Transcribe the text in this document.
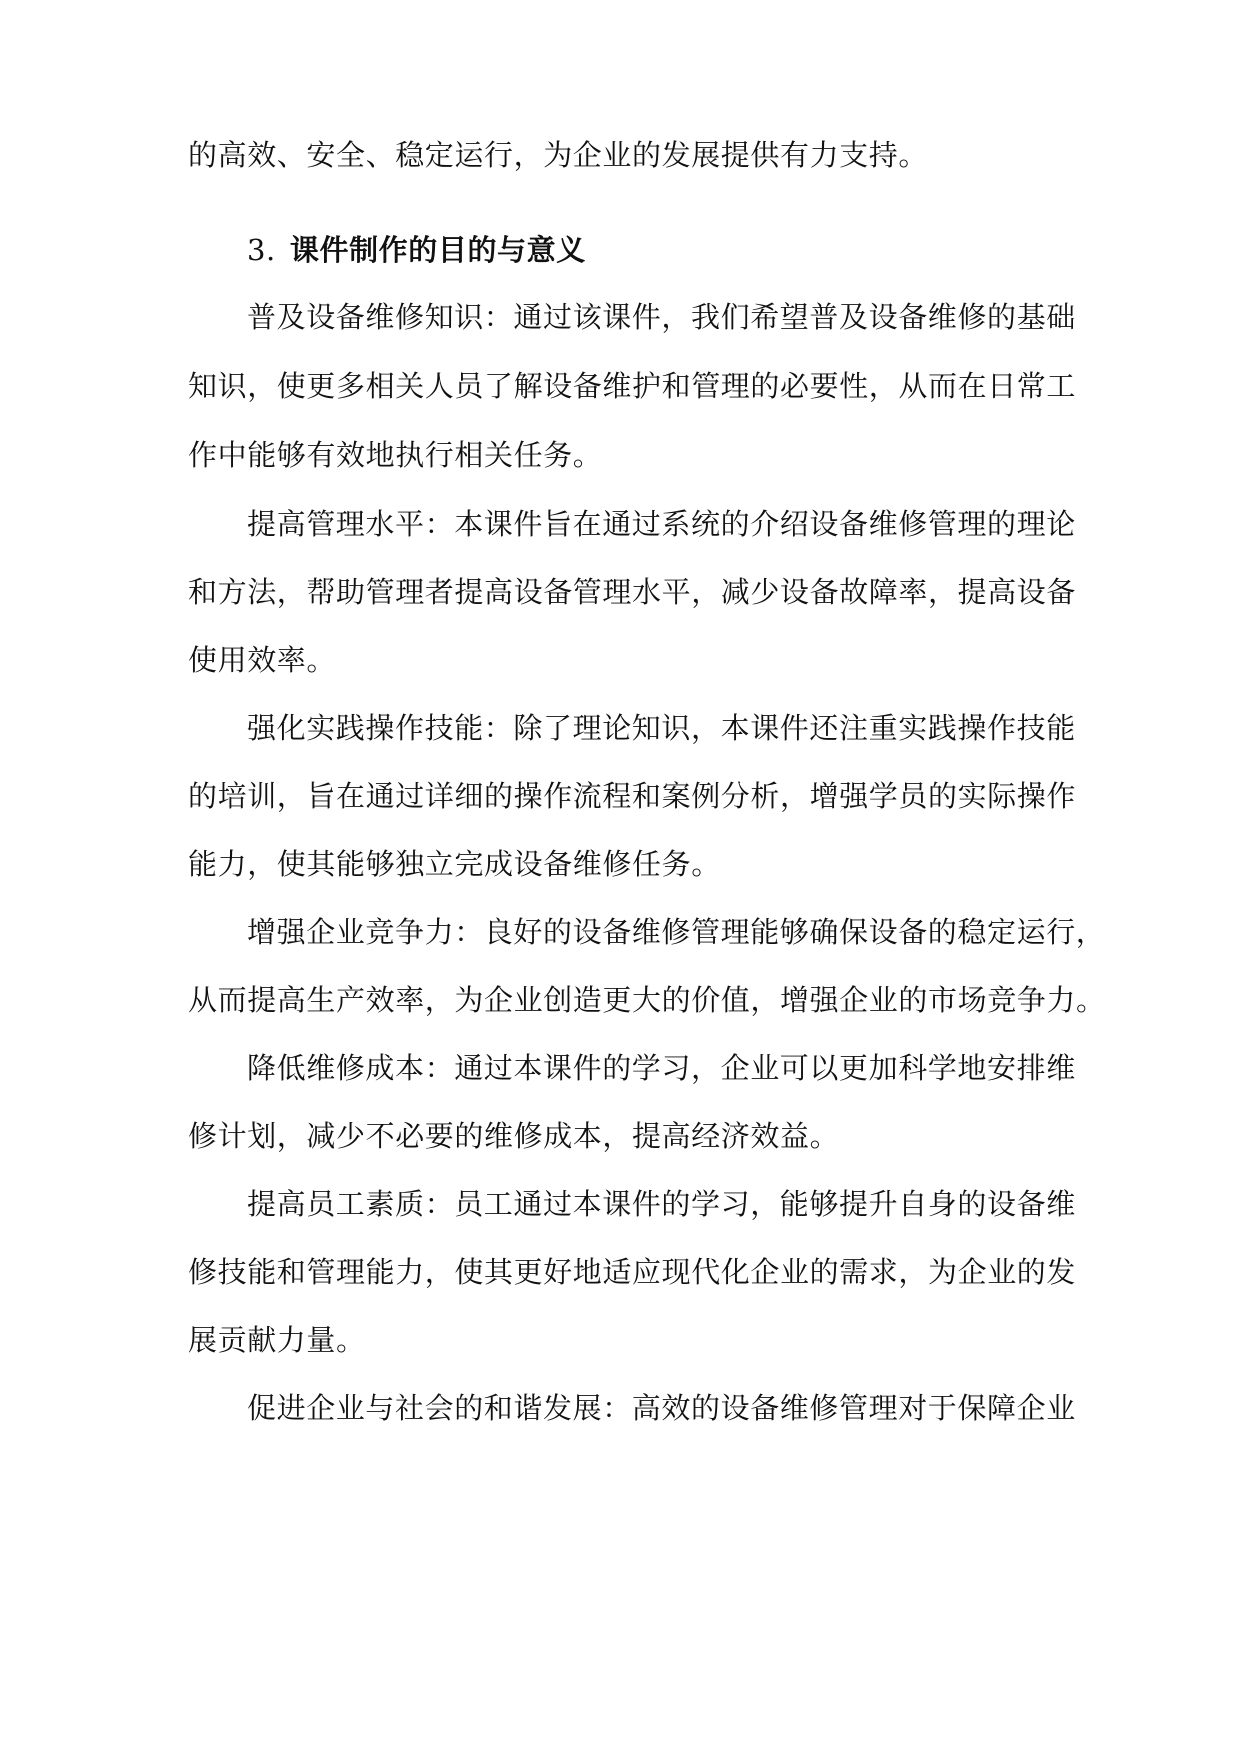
的高效、安全、稳定运行，为企业的发展提供有力支持。
3. 课件制作的目的与意义
普及设备维修知识：通过该课件，我们希望普及设备维修的基础
知识，使更多相关人员了解设备维护和管理的必要性，从而在日常工
作中能够有效地执行相关任务。
提高管理水平：本课件旨在通过系统的介绍设备维修管理的理论
和方法，帮助管理者提高设备管理水平，减少设备故障率，提高设备
使用效率。
强化实践操作技能：除了理论知识，本课件还注重实践操作技能
的培训，旨在通过详细的操作流程和案例分析，增强学员的实际操作
能力，使其能够独立完成设备维修任务。
增强企业竞争力：良好的设备维修管理能够确保设备的稳定运行，
从而提高生产效率，为企业创造更大的价值，增强企业的市场竞争力。
降低维修成本：通过本课件的学习，企业可以更加科学地安排维
修计划，减少不必要的维修成本，提高经济效益。
提高员工素质：员工通过本课件的学习，能够提升自身的设备维
修技能和管理能力，使其更好地适应现代化企业的需求，为企业的发
展贡献力量。
促进企业与社会的和谐发展：高效的设备维修管理对于保障企业
